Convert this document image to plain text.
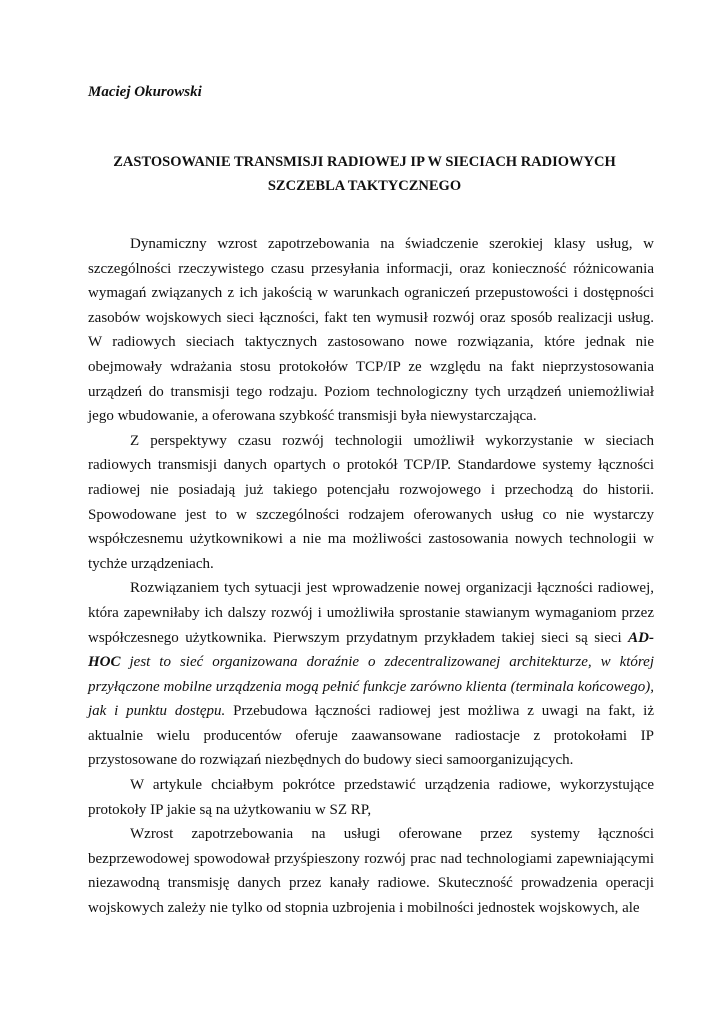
Maciej Okurowski
ZASTOSOWANIE TRANSMISJI RADIOWEJ IP W SIECIACH RADIOWYCH
SZCZEBLA TAKTYCZNEGO

Dynamiczny wzrost zapotrzebowania na świadczenie szerokiej klasy usług, w szczególności rzeczywistego czasu przesyłania informacji, oraz konieczność różnicowania wymagań związanych z ich jakością w warunkach ograniczeń przepustowości i dostępności zasobów wojskowych sieci łączności, fakt ten wymusił rozwój oraz sposób realizacji usług. W radiowych sieciach taktycznych zastosowano nowe rozwiązania, które jednak nie obejmowały wdrażania stosu protokołów TCP/IP ze względu na fakt nieprzystosowania urządzeń do transmisji tego rodzaju. Poziom technologiczny tych urządzeń uniemożliwiał jego wbudowanie, a oferowana szybkość transmisji była niewystarczająca.

Z perspektywy czasu rozwój technologii umożliwił wykorzystanie w sieciach radiowych transmisji danych opartych o protokół TCP/IP. Standardowe systemy łączności radiowej nie posiadają już takiego potencjału rozwojowego i przechodzą do historii. Spowodowane jest to w szczególności rodzajem oferowanych usług co nie wystarczy współczesnemu użytkownikowi a nie ma możliwości zastosowania nowych technologii w tychże urządzeniach.

Rozwiązaniem tych sytuacji jest wprowadzenie nowej organizacji łączności radiowej, która zapewniłaby ich dalszy rozwój i umożliwiła sprostanie stawianym wymaganiom przez współczesnego użytkownika. Pierwszym przydatnym przykładem takiej sieci są sieci AD-HOC jest to sieć organizowana doraźnie o zdecentralizowanej architekturze, w której przyłączone mobilne urządzenia mogą pełnić funkcje zarówno klienta (terminala końcowego), jak i punktu dostępu. Przebudowa łączności radiowej jest możliwa z uwagi na fakt, iż aktualnie wielu producentów oferuje zaawansowane radiostacje z protokołami IP przystosowane do rozwiązań niezbędnych do budowy sieci samoorganizujących.

W artykule chciałbym pokrótce przedstawić urządzenia radiowe, wykorzystujące protokoły IP jakie są na użytkowaniu w SZ RP,

Wzrost zapotrzebowania na usługi oferowane przez systemy łączności bezprzewodowej spowodował przyśpieszony rozwój prac nad technologiami zapewniającymi niezawodną transmisję danych przez kanały radiowe. Skuteczność prowadzenia operacji wojskowych zależy nie tylko od stopnia uzbrojenia i mobilności jednostek wojskowych, ale
